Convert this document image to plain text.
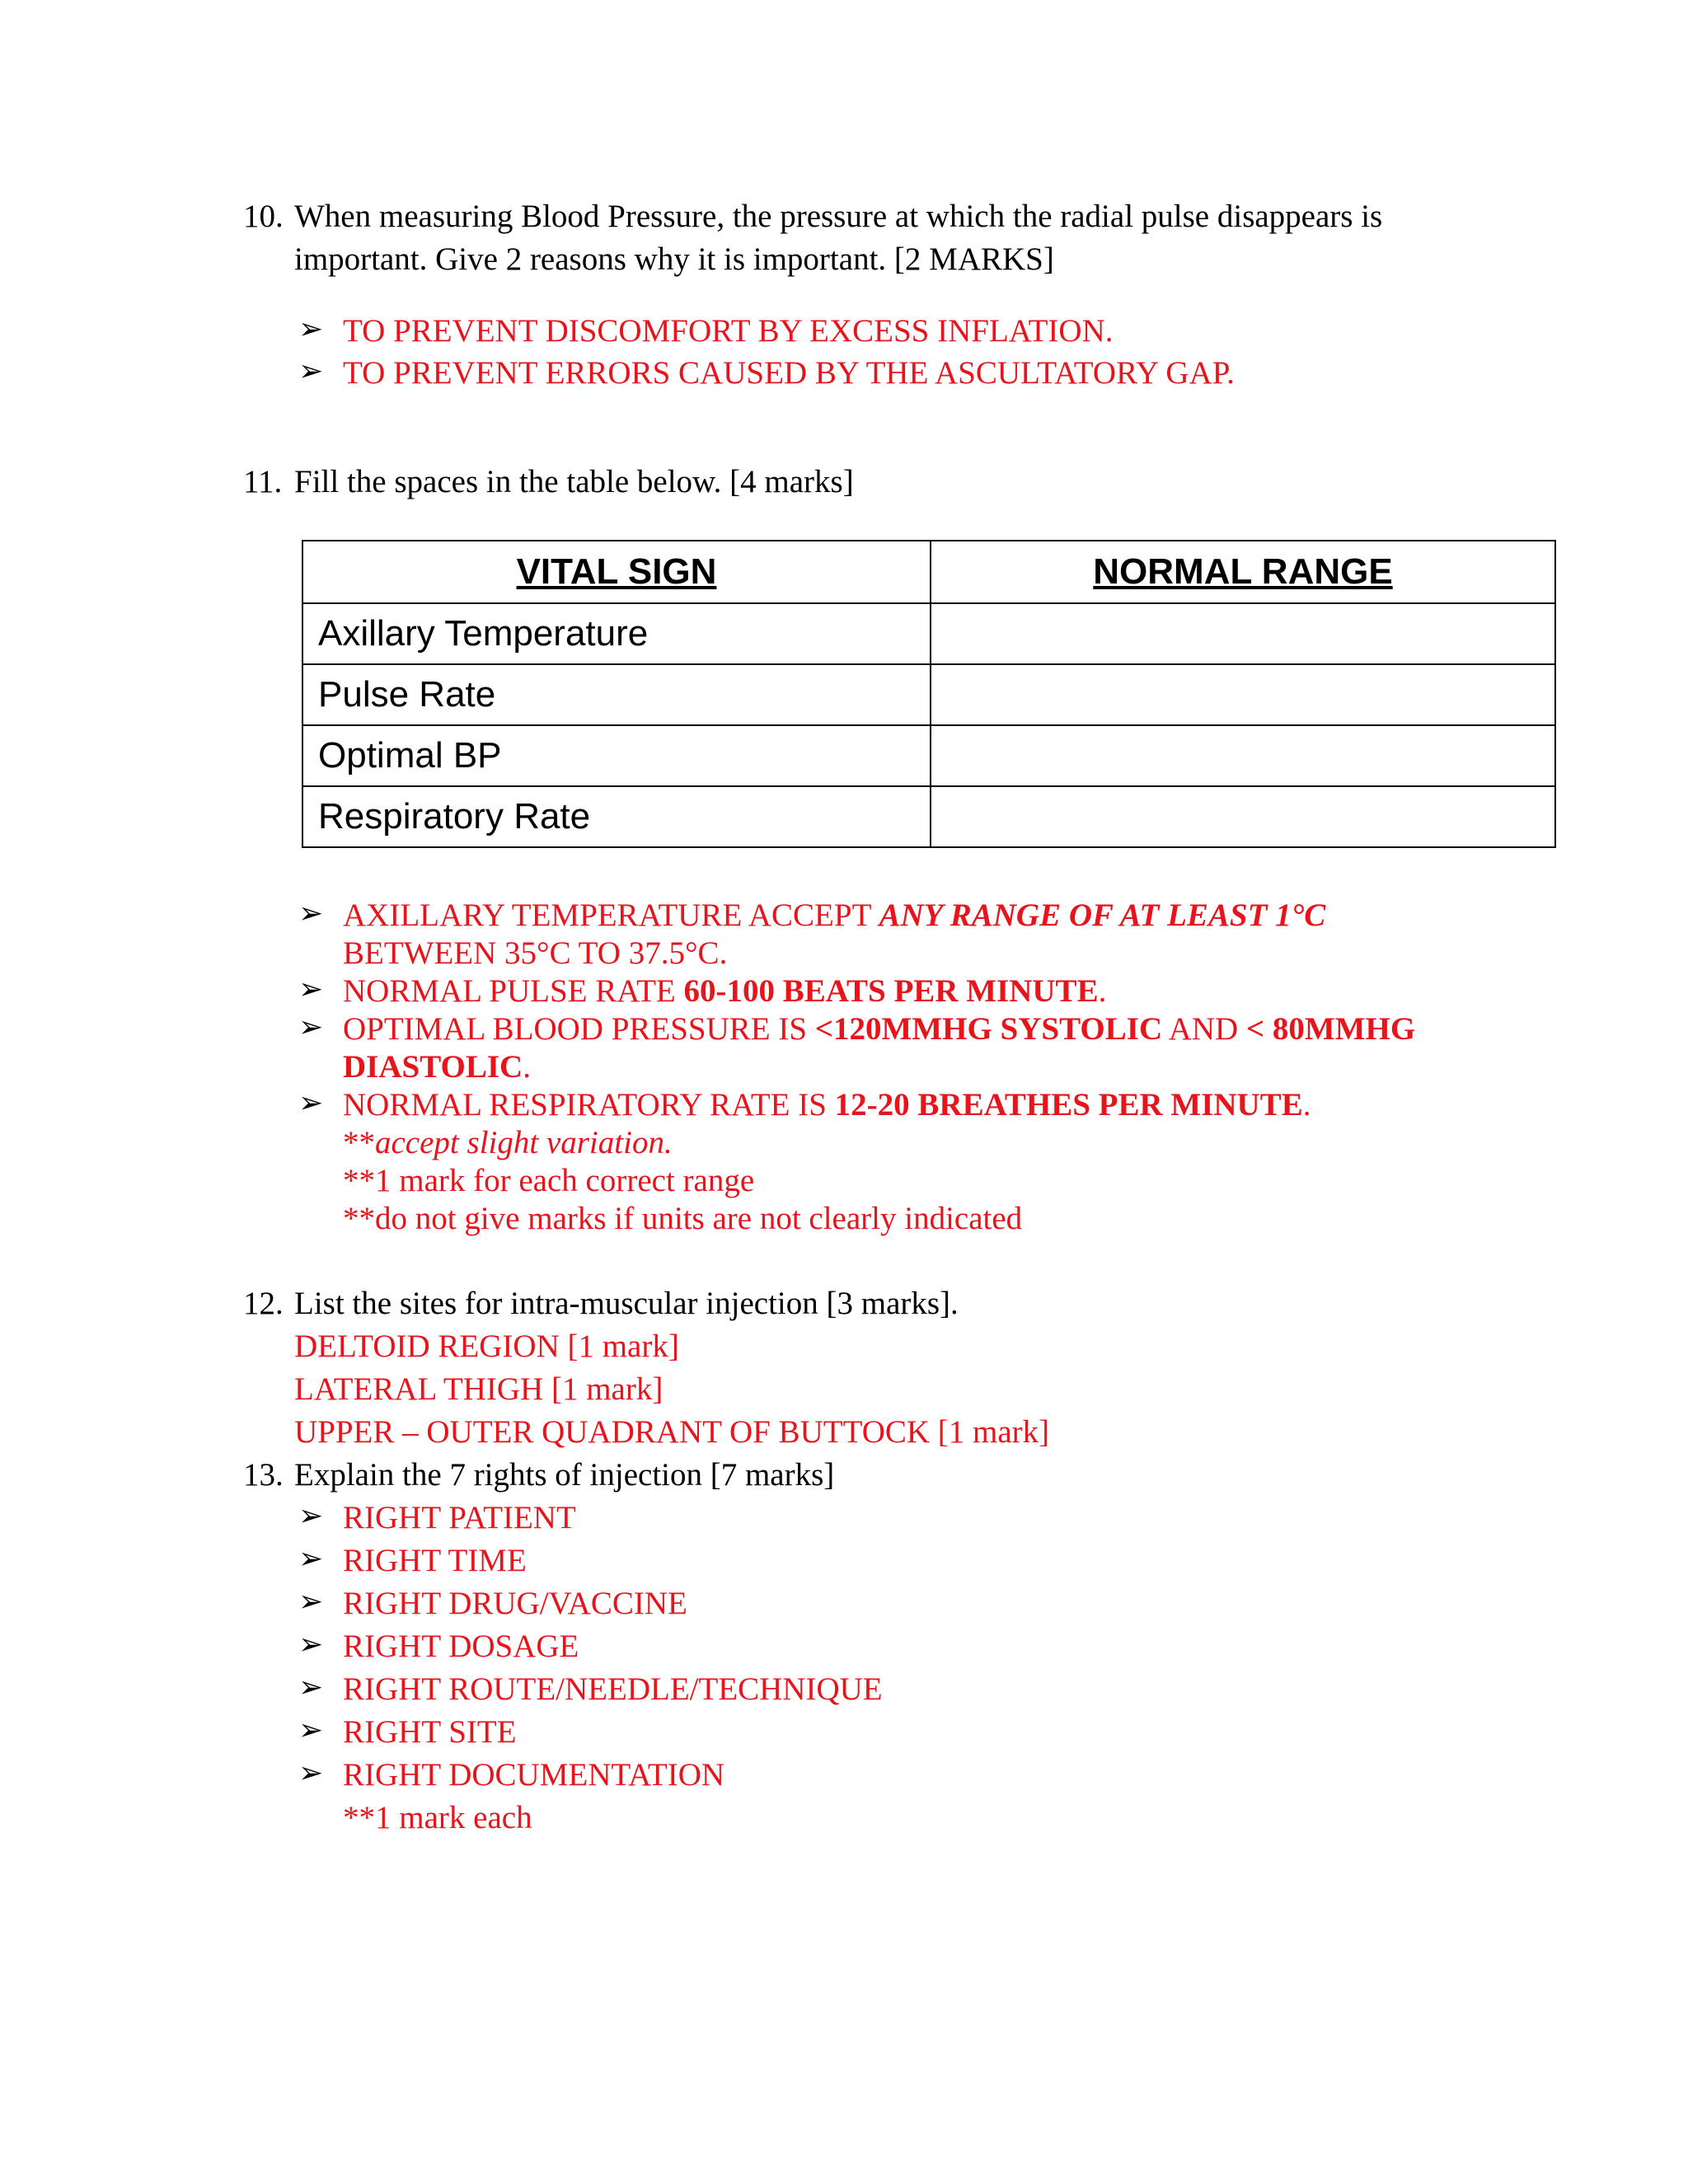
10. When measuring Blood Pressure, the pressure at which the radial pulse disappears is
important. Give 2 reasons why it is important. [2 MARKS]
➢ TO PREVENT DISCOMFORT BY EXCESS INFLATION.
➢ TO PREVENT ERRORS CAUSED BY THE ASCULTATORY GAP.
11. Fill the spaces in the table below. [4 marks]
VITAL SIGN	NORMAL RANGE
Axillary Temperature	
Pulse Rate	
Optimal BP	
Respiratory Rate	
➢ AXILLARY TEMPERATURE ACCEPT ANY RANGE OF AT LEAST 1°C
BETWEEN 35°C TO 37.5°C.
➢ NORMAL PULSE RATE 60-100 BEATS PER MINUTE.
➢ OPTIMAL BLOOD PRESSURE IS <120MMHG SYSTOLIC AND < 80MMHG
DIASTOLIC.
➢ NORMAL RESPIRATORY RATE IS 12-20 BREATHES PER MINUTE.
**accept slight variation.
**1 mark for each correct range
**do not give marks if units are not clearly indicated
12. List the sites for intra-muscular injection [3 marks].
DELTOID REGION [1 mark]
LATERAL THIGH [1 mark]
UPPER – OUTER QUADRANT OF BUTTOCK [1 mark]
13. Explain the 7 rights of injection [7 marks]
➢ RIGHT PATIENT
➢ RIGHT TIME
➢ RIGHT DRUG/VACCINE
➢ RIGHT DOSAGE
➢ RIGHT ROUTE/NEEDLE/TECHNIQUE
➢ RIGHT SITE
➢ RIGHT DOCUMENTATION
**1 mark each
